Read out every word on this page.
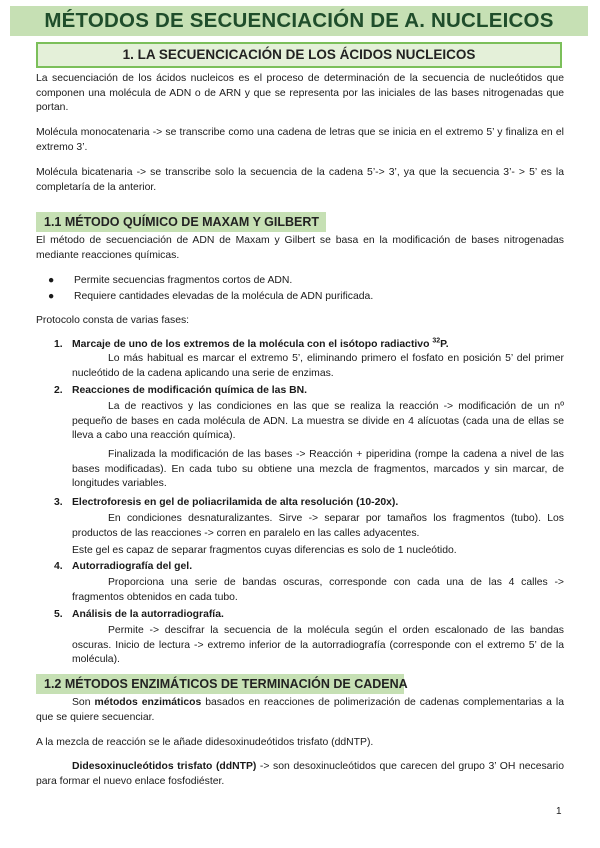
MÉTODOS DE SECUENCIACIÓN DE A. NUCLEICOS
1. LA SECUENCICACIÓN DE LOS ÁCIDOS NUCLEICOS

La secuenciación de los ácidos nucleicos es el proceso de determinación de la secuencia de nucleótidos que componen una molécula de ADN o de ARN y que se representa por las iniciales de las bases nitrogenadas que portan.

Molécula monocatenaria -> se transcribe como una cadena de letras que se inicia en el extremo 5’ y finaliza en el extremo 3’.

Molécula bicatenaria -> se transcribe solo la secuencia de la cadena 5’-> 3’, ya que la secuencia 3’- > 5’ es la completaría de la anterior.

1.1 MÉTODO QUÍMICO DE MAXAM Y GILBERT

El método de secuenciación de ADN de Maxam y Gilbert se basa en la modificación de bases nitrogenadas mediante reacciones químicas.

● Permite secuencias fragmentos cortos de ADN.
● Requiere cantidades elevadas de la molécula de ADN purificada.

Protocolo consta de varias fases:

1. Marcaje de uno de los extremos de la molécula con el isótopo radiactivo $^{32}$P.
Lo más habitual es marcar el extremo 5’, eliminando primero el fosfato en posición 5’ del primer nucleótido de la cadena aplicando una serie de enzimas.
2. Reacciones de modificación química de las BN.
La de reactivos y las condiciones en las que se realiza la reacción -> modificación de un nº pequeño de bases en cada molécula de ADN. La muestra se divide en 4 alícuotas (cada una de ellas se lleva a cabo una reacción química).
Finalizada la modificación de las bases -> Reacción + piperidina (rompe la cadena a nivel de las bases modificadas). En cada tubo su obtiene una mezcla de fragmentos, marcados y sin marcar, de longitudes variables.
3. Electroforesis en gel de poliacrilamida de alta resolución (10-20x).
En condiciones desnaturalizantes. Sirve -> separar por tamaños los fragmentos (tubo). Los productos de las reacciones -> corren en paralelo en las calles adyacentes.
Este gel es capaz de separar fragmentos cuyas diferencias es solo de 1 nucleótido.
4. Autorradiografía del gel.
Proporciona una serie de bandas oscuras, corresponde con cada una de las 4 calles -> fragmentos obtenidos en cada tubo.
5. Análisis de la autorradiografía.
Permite -> descifrar la secuencia de la molécula según el orden escalonado de las bandas oscuras. Inicio de lectura -> extremo inferior de la autorradiografía (corresponde con el extremo 5’ de la molécula).
1.2 MÉTODOS ENZIMÁTICOS DE TERMINACIÓN DE CADENA

Son métodos enzimáticos basados en reacciones de polimerización de cadenas complementarias a la que se quiere secuenciar.

A la mezcla de reacción se le añade didesoxinudeótidos trisfato (ddNTP).

Didesoxinucleótidos trisfato (ddNTP) -> son desoxinucleótidos que carecen del grupo 3’ OH necesario para formar el nuevo enlace fosfodiéster.

1
